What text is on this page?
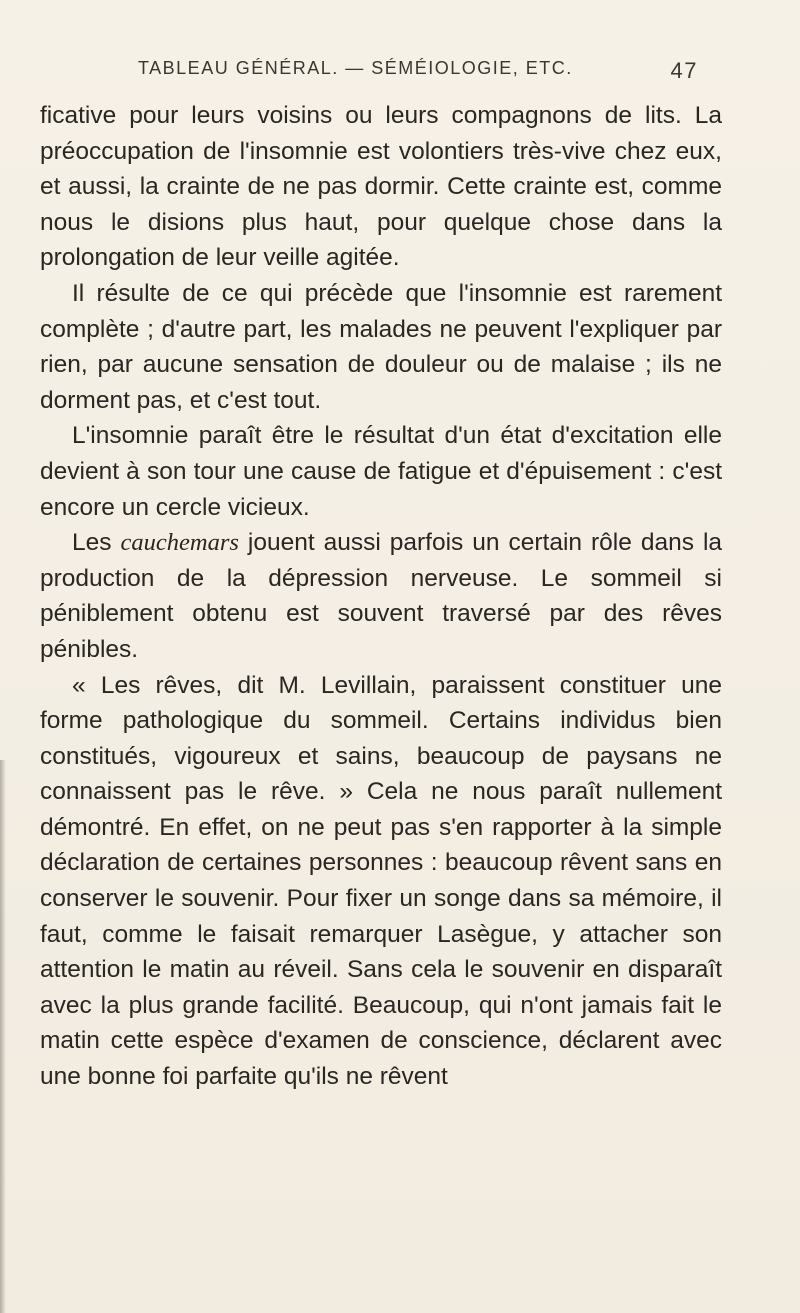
TABLEAU GÉNÉRAL. — SÉMÉIOLOGIE, ETC.	47

ficative pour leurs voisins ou leurs compagnons de lits. La préoccupation de l'insomnie est volontiers très-vive chez eux, et aussi, la crainte de ne pas dormir. Cette crainte est, comme nous le disions plus haut, pour quelque chose dans la prolongation de leur veille agitée.

Il résulte de ce qui précède que l'insomnie est rarement complète ; d'autre part, les malades ne peuvent l'expliquer par rien, par aucune sensation de douleur ou de malaise ; ils ne dorment pas, et c'est tout.

L'insomnie paraît être le résultat d'un état d'excitation elle devient à son tour une cause de fatigue et d'épuisement : c'est encore un cercle vicieux.

Les cauchemars jouent aussi parfois un certain rôle dans la production de la dépression nerveuse. Le sommeil si péniblement obtenu est souvent traversé par des rêves pénibles.

« Les rêves, dit M. Levillain, paraissent constituer une forme pathologique du sommeil. Certains individus bien constitués, vigoureux et sains, beaucoup de paysans ne connaissent pas le rêve. » Cela ne nous paraît nullement démontré. En effet, on ne peut pas s'en rapporter à la simple déclaration de certaines personnes : beaucoup rêvent sans en conserver le souvenir. Pour fixer un songe dans sa mémoire, il faut, comme le faisait remarquer Lasègue, y attacher son attention le matin au réveil. Sans cela le souvenir en disparaît avec la plus grande facilité. Beaucoup, qui n'ont jamais fait le matin cette espèce d'examen de conscience, déclarent avec une bonne foi parfaite qu'ils ne rêvent
